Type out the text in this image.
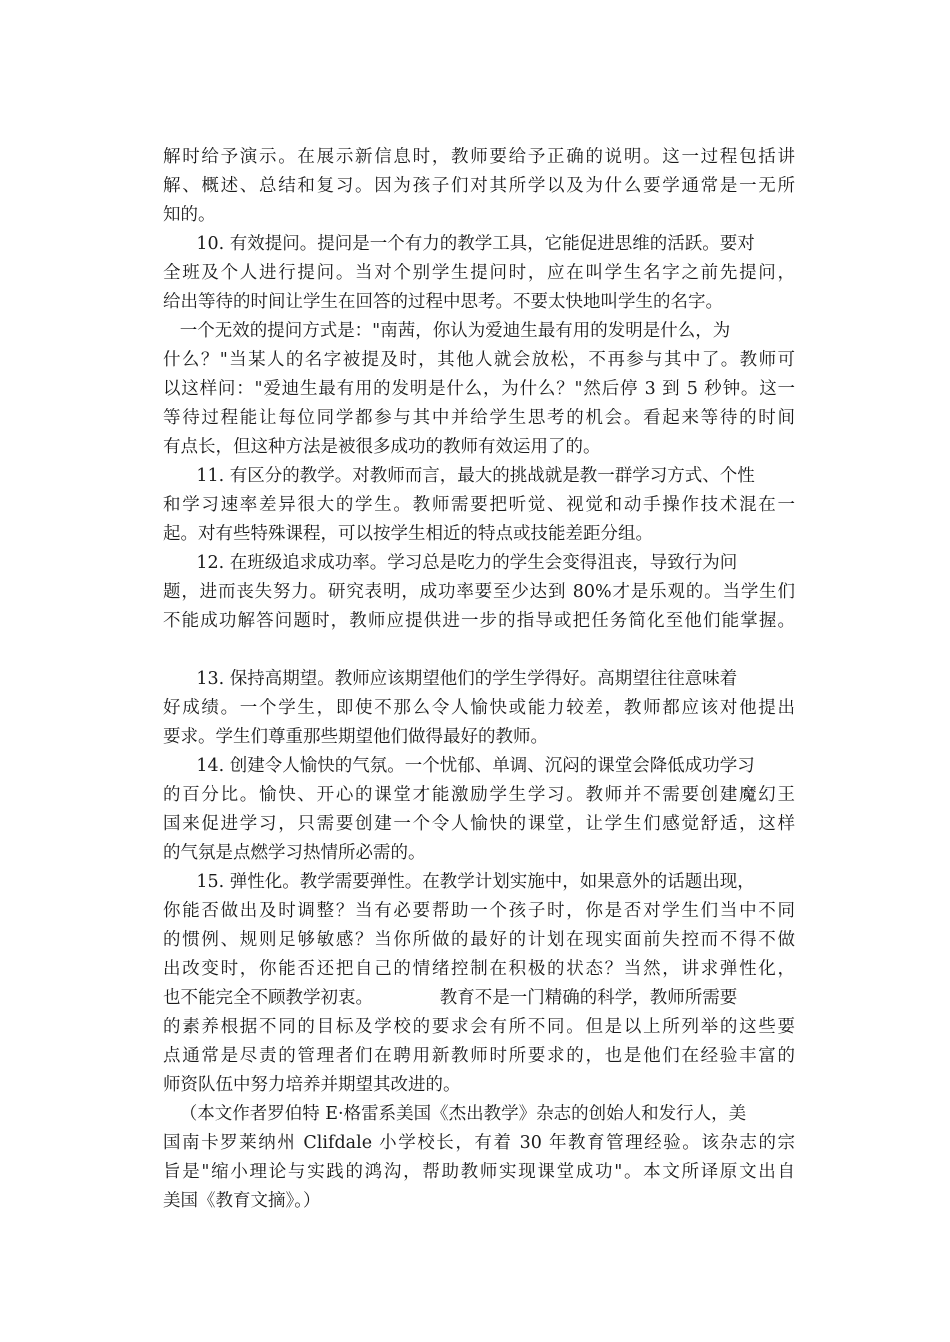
解时给予演示。在展示新信息时，教师要给予正确的说明。这一过程包括讲
解、概述、总结和复习。因为孩子们对其所学以及为什么要学通常是一无所
知的。
10. 有效提问。提问是一个有力的教学工具，它能促进思维的活跃。要对
全班及个人进行提问。当对个别学生提问时，应在叫学生名字之前先提问，
给出等待的时间让学生在回答的过程中思考。不要太快地叫学生的名字。
一个无效的提问方式是："南茜，你认为爱迪生最有用的发明是什么，为
什么？"当某人的名字被提及时，其他人就会放松，不再参与其中了。教师可
以这样问："爱迪生最有用的发明是什么，为什么？"然后停 3 到 5 秒钟。这一
等待过程能让每位同学都参与其中并给学生思考的机会。看起来等待的时间
有点长，但这种方法是被很多成功的教师有效运用了的。
11. 有区分的教学。对教师而言，最大的挑战就是教一群学习方式、个性
和学习速率差异很大的学生。教师需要把听觉、视觉和动手操作技术混在一
起。对有些特殊课程，可以按学生相近的特点或技能差距分组。
12. 在班级追求成功率。学习总是吃力的学生会变得沮丧，导致行为问
题，进而丧失努力。研究表明，成功率要至少达到 80%才是乐观的。当学生们
不能成功解答问题时，教师应提供进一步的指导或把任务简化至他们能掌握。
13. 保持高期望。教师应该期望他们的学生学得好。高期望往往意味着
好成绩。一个学生，即使不那么令人愉快或能力较差，教师都应该对他提出
要求。学生们尊重那些期望他们做得最好的教师。
14. 创建令人愉快的气氛。一个忧郁、单调、沉闷的课堂会降低成功学习
的百分比。愉快、开心的课堂才能激励学生学习。教师并不需要创建魔幻王
国来促进学习，只需要创建一个令人愉快的课堂，让学生们感觉舒适，这样
的气氛是点燃学习热情所必需的。
15. 弹性化。教学需要弹性。在教学计划实施中，如果意外的话题出现，
你能否做出及时调整？当有必要帮助一个孩子时，你是否对学生们当中不同
的惯例、规则足够敏感？当你所做的最好的计划在现实面前失控而不得不做
出改变时，你能否还把自己的情绪控制在积极的状态？当然，讲求弹性化，
也不能完全不顾教学初衷。            教育不是一门精确的科学，教师所需要
的素养根据不同的目标及学校的要求会有所不同。但是以上所列举的这些要
点通常是尽责的管理者们在聘用新教师时所要求的，也是他们在经验丰富的
师资队伍中努力培养并期望其改进的。
（本文作者罗伯特 E·格雷系美国《杰出教学》杂志的创始人和发行人，美
国南卡罗莱纳州 Clifdale 小学校长，有着 30 年教育管理经验。该杂志的宗
旨是"缩小理论与实践的鸿沟，帮助教师实现课堂成功"。本文所译原文出自
美国《教育文摘》。）
